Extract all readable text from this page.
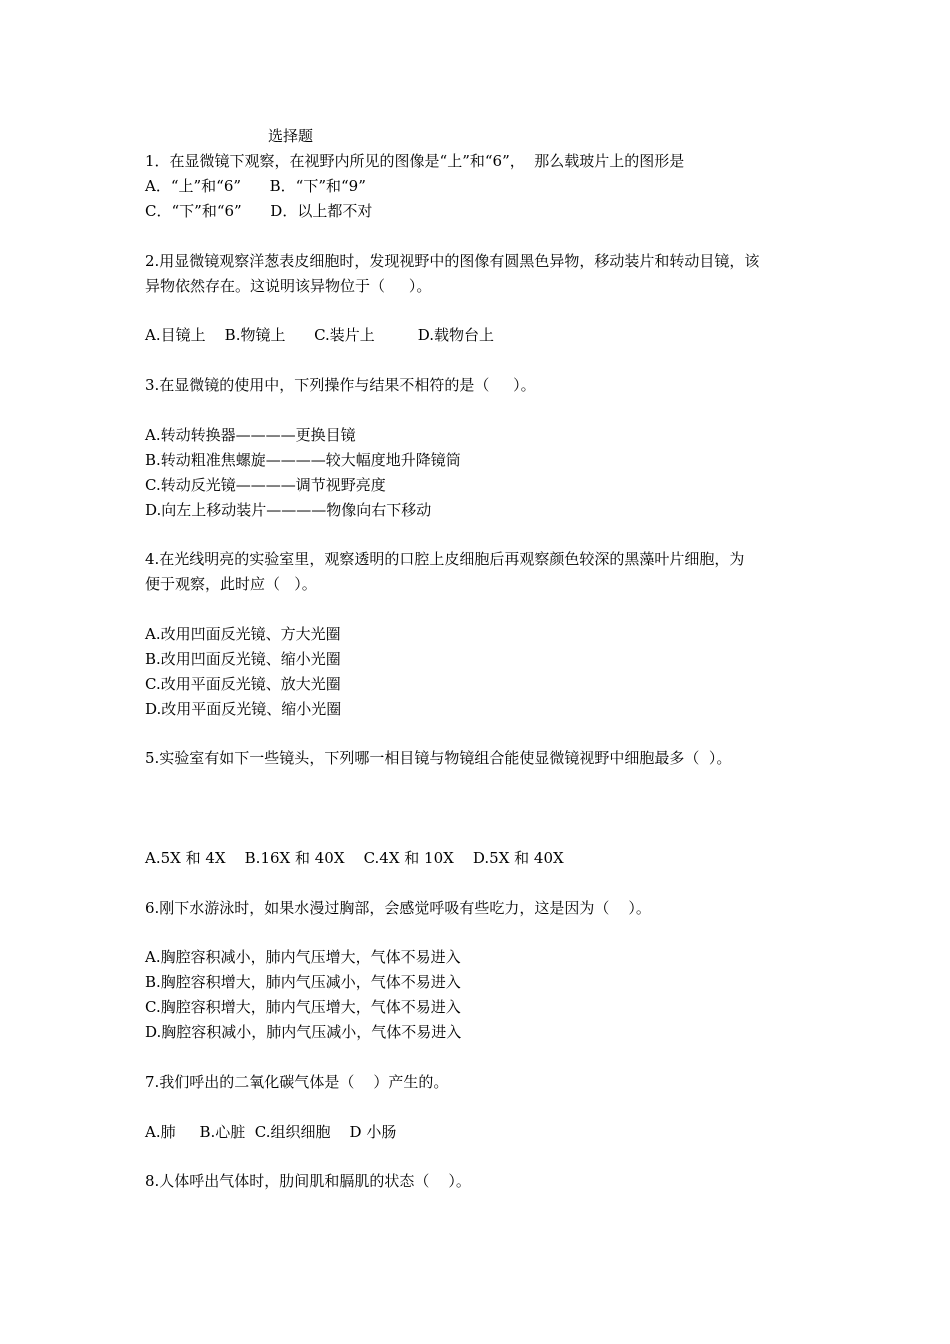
选择题
1．在显微镜下观察，在视野内所见的图像是“上”和“6”，  那么载玻片上的图形是
A．“上”和“6”      B．“下”和“9”
C．“下”和“6”      D．以上都不对
2.用显微镜观察洋葱表皮细胞时，发现视野中的图像有圆黑色异物，移动装片和转动目镜，该
异物依然存在。这说明该异物位于（     ）。
A.目镜上    B.物镜上      C.装片上         D.载物台上
3.在显微镜的使用中，下列操作与结果不相符的是（     ）。
A.转动转换器————更换目镜
B.转动粗准焦螺旋————较大幅度地升降镜筒
C.转动反光镜————调节视野亮度
D.向左上移动装片————物像向右下移动
4.在光线明亮的实验室里，观察透明的口腔上皮细胞后再观察颜色较深的黑藻叶片细胞，为
便于观察，此时应（   ）。
A.改用凹面反光镜、方大光圈
B.改用凹面反光镜、缩小光圈
C.改用平面反光镜、放大光圈
D.改用平面反光镜、缩小光圈
5.实验室有如下一些镜头，下列哪一相目镜与物镜组合能使显微镜视野中细胞最多（  ）。
A.5X 和 4X    B.16X 和 40X    C.4X 和 10X    D.5X 和 40X
6.刚下水游泳时，如果水漫过胸部，会感觉呼吸有些吃力，这是因为（    ）。
A.胸腔容积减小，肺内气压增大，气体不易进入
B.胸腔容积增大，肺内气压减小，气体不易进入
C.胸腔容积增大，肺内气压增大，气体不易进入
D.胸腔容积减小，肺内气压减小，气体不易进入
7.我们呼出的二氧化碳气体是（    ）产生的。
A.肺     B.心脏  C.组织细胞    D 小肠
8.人体呼出气体时，肋间肌和膈肌的状态（    ）。
